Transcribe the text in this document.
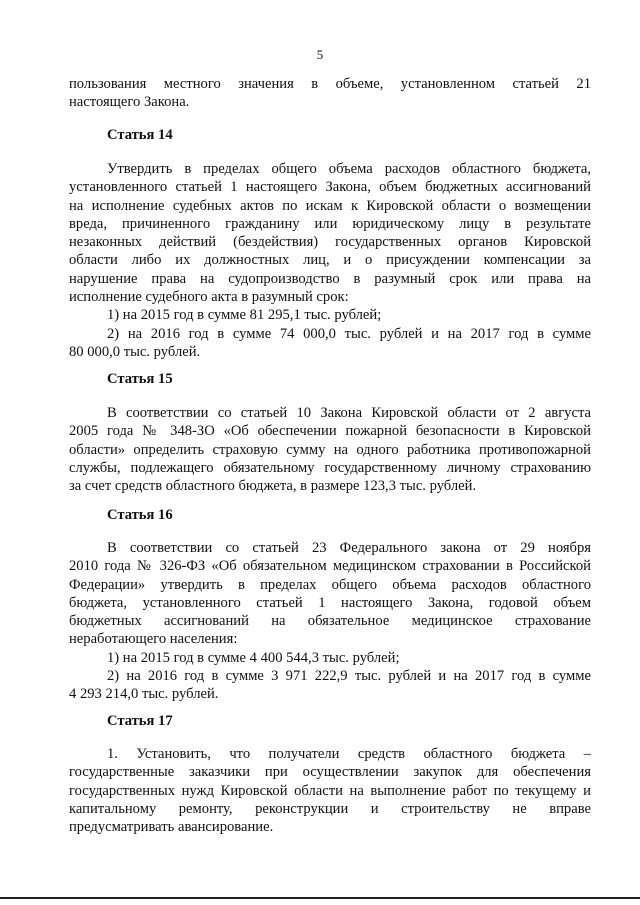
5
пользования местного значения в объеме, установленном статьей 21
настоящего Закона.
Статья 14
Утвердить в пределах общего объема расходов областного бюджета,
установленного статьей 1 настоящего Закона, объем бюджетных ассигнований
на исполнение судебных актов по искам к Кировской области о возмещении
вреда, причиненного гражданину или юридическому лицу в результате
незаконных действий (бездействия) государственных органов Кировской
области либо их должностных лиц, и о присуждении компенсации за
нарушение права на судопроизводство в разумный срок или права на
исполнение судебного акта в разумный срок:
1) на 2015 год в сумме 81 295,1 тыс. рублей;
2) на 2016 год в сумме 74 000,0 тыс. рублей и на 2017 год в сумме
80 000,0 тыс. рублей.
Статья 15
В соответствии со статьей 10 Закона Кировской области от 2 августа
2005 года № 348-ЗО «Об обеспечении пожарной безопасности в Кировской
области» определить страховую сумму на одного работника противопожарной
службы, подлежащего обязательному государственному личному страхованию
за счет средств областного бюджета, в размере 123,3 тыс. рублей.
Статья 16
В соответствии со статьей 23 Федерального закона от 29 ноября
2010 года № 326-ФЗ «Об обязательном медицинском страховании в Российской
Федерации» утвердить в пределах общего объема расходов областного
бюджета, установленного статьей 1 настоящего Закона, годовой объем
бюджетных ассигнований на обязательное медицинское страхование
неработающего населения:
1) на 2015 год в сумме 4 400 544,3 тыс. рублей;
2) на 2016 год в сумме 3 971 222,9 тыс. рублей и на 2017 год в сумме
4 293 214,0 тыс. рублей.
Статья 17
1. Установить, что получатели средств областного бюджета –
государственные заказчики при осуществлении закупок для обеспечения
государственных нужд Кировской области на выполнение работ по текущему и
капитальному ремонту, реконструкции и строительству не вправе
предусматривать авансирование.
